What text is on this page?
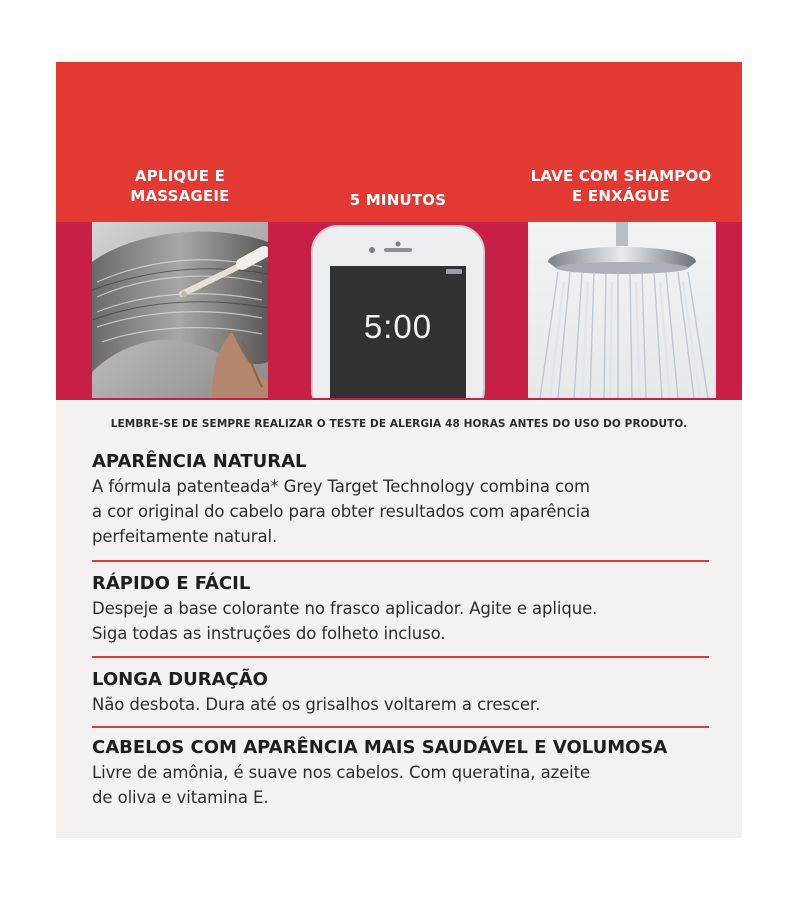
APLIQUE E
MASSAGEIE	5 MINUTOS
LAVE COM SHAMPOO
E ENXÁGUE
5:00
LEMBRE-SE DE SEMPRE REALIZAR O TESTE DE ALERGIA 48 HORAS ANTES DO USO DO PRODUTO.
APARÊNCIA NATURAL

A fórmula patenteada* Grey Target Technology combina com

a cor original do cabelo para obter resultados com aparência

perfeitamente natural.

RÁPIDO E FÁCIL

Despeje a base colorante no frasco aplicador. Agite e aplique.

Siga todas as instruções do folheto incluso.

LONGA DURAÇÃO

Não desbota. Dura até os grisalhos voltarem a crescer.

CABELOS COM APARÊNCIA MAIS SAUDÁVEL E VOLUMOSA

Livre de amônia, é suave nos cabelos. Com queratina, azeite

de oliva e vitamina E.
